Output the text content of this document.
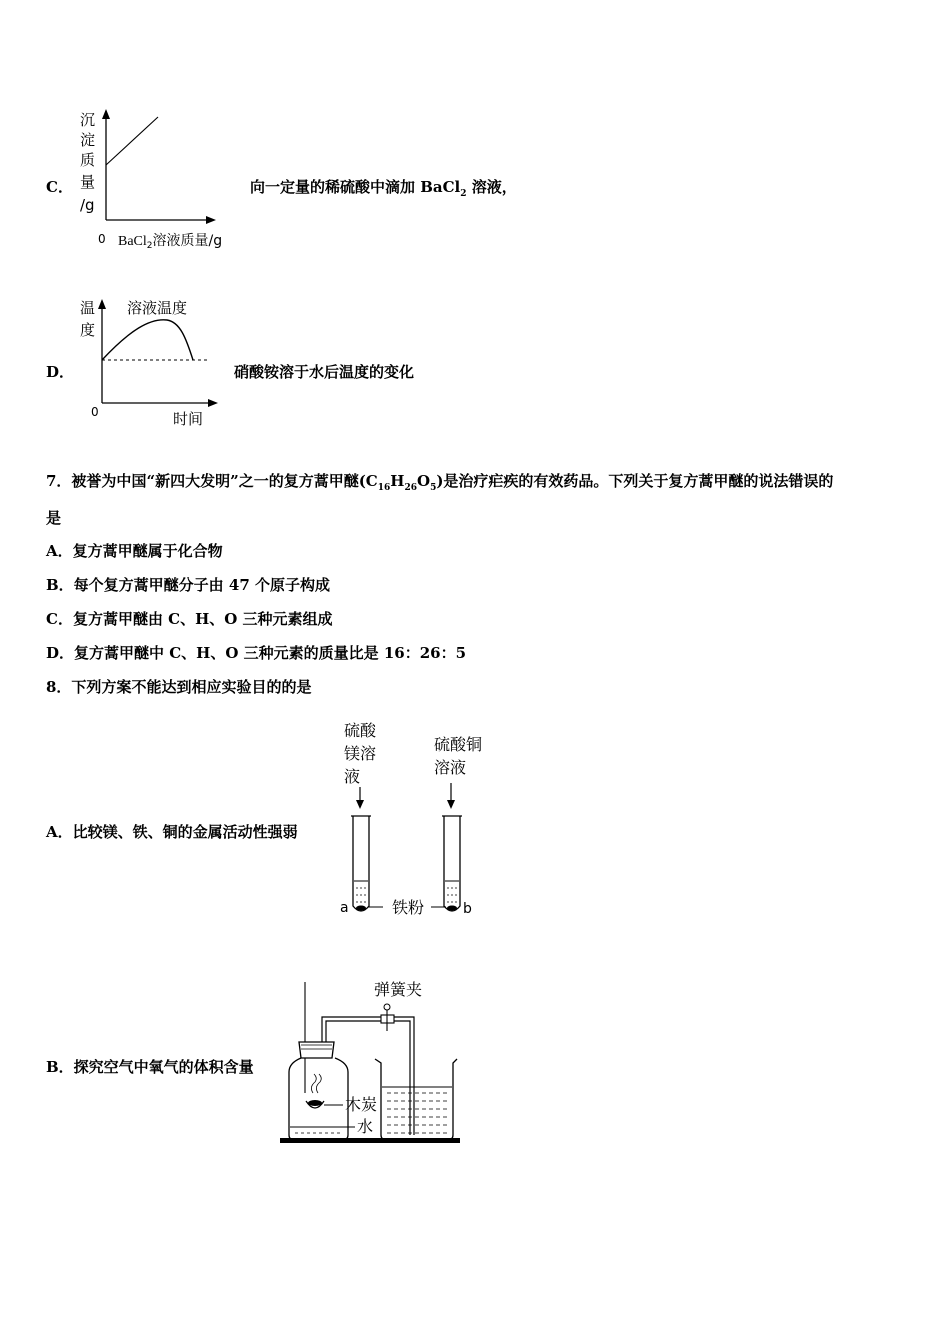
C．
沉
淀
质
量
/g
0 BaCl$_2$溶液质量/g
向一定量的稀硫酸中滴加 BaCl$_2$ 溶液，
D．
温
度
溶液温度
0	时间
硝酸铵溶于水后温度的变化
7．被誉为中国“新四大发明”之一的复方蒿甲醚$(C_{16}H_{26}O_5)$是治疗疟疾的有效药品。下列关于复方蒿甲醚的说法错误的
是
A．复方蒿甲醚属于化合物
B．每个复方蒿甲醚分子由 47 个原子构成
C．复方蒿甲醚由 C、H、O 三种元素组成
D．复方蒿甲醚中 C、H、O 三种元素的质量比是 16：26：5
8．下列方案不能达到相应实验目的的是
A．比较镁、铁、铜的金属活动性强弱
硫酸
镁溶
液
硫酸铜
溶液
a	b
铁粉
B．探究空气中氧气的体积含量
弹簧夹
木炭
水
